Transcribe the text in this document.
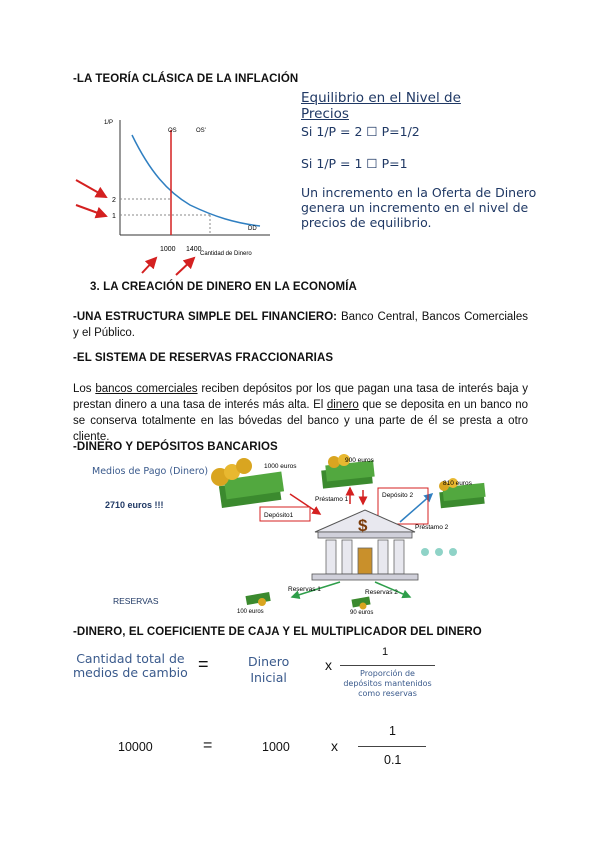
-LA TEORÍA CLÁSICA DE LA INFLACIÓN
1/P
Cantidad de Dinero
DD
OS	OS'
2
1
1000 1400
Equilibrio en el Nivel de
Precios
Si 1/P = 2 ☐ P=1/2
Si 1/P = 1 ☐ P=1
Un incremento en la Oferta de Dinero
genera un incremento en el nivel de
precios de equilibrio.
3. LA CREACIÓN DE DINERO EN LA ECONOMÍA
-UNA ESTRUCTURA SIMPLE DEL FINANCIERO: Banco Central, Bancos Comerciales y el Público.
-EL SISTEMA DE RESERVAS FRACCIONARIAS
Los bancos comerciales reciben depósitos por los que pagan una tasa de interés baja y prestan dinero a una tasa de interés más alta. El dinero que se deposita en un banco no se conserva totalmente en las bóvedas del banco y una parte de él se presta a otro cliente.
-DINERO Y DEPÓSITOS BANCARIOS
Medios de Pago (Dinero)
2710 euros !!!
RESERVAS
1000 euros
900 euros
810 euros
Préstamo 1
Préstamo 2
Depósito1
Depósito 2
$
Reservas 1	Reservas 2
100 euros	90 euros
-DINERO, EL COEFICIENTE DE CAJA Y EL MULTIPLICADOR DEL DINERO
Cantidad total de
medios de cambio =	Dinero
Inicial
x
1
Proporción de
depósitos mantenidos
como reservas
10000	=	1000	x
1
0.1
